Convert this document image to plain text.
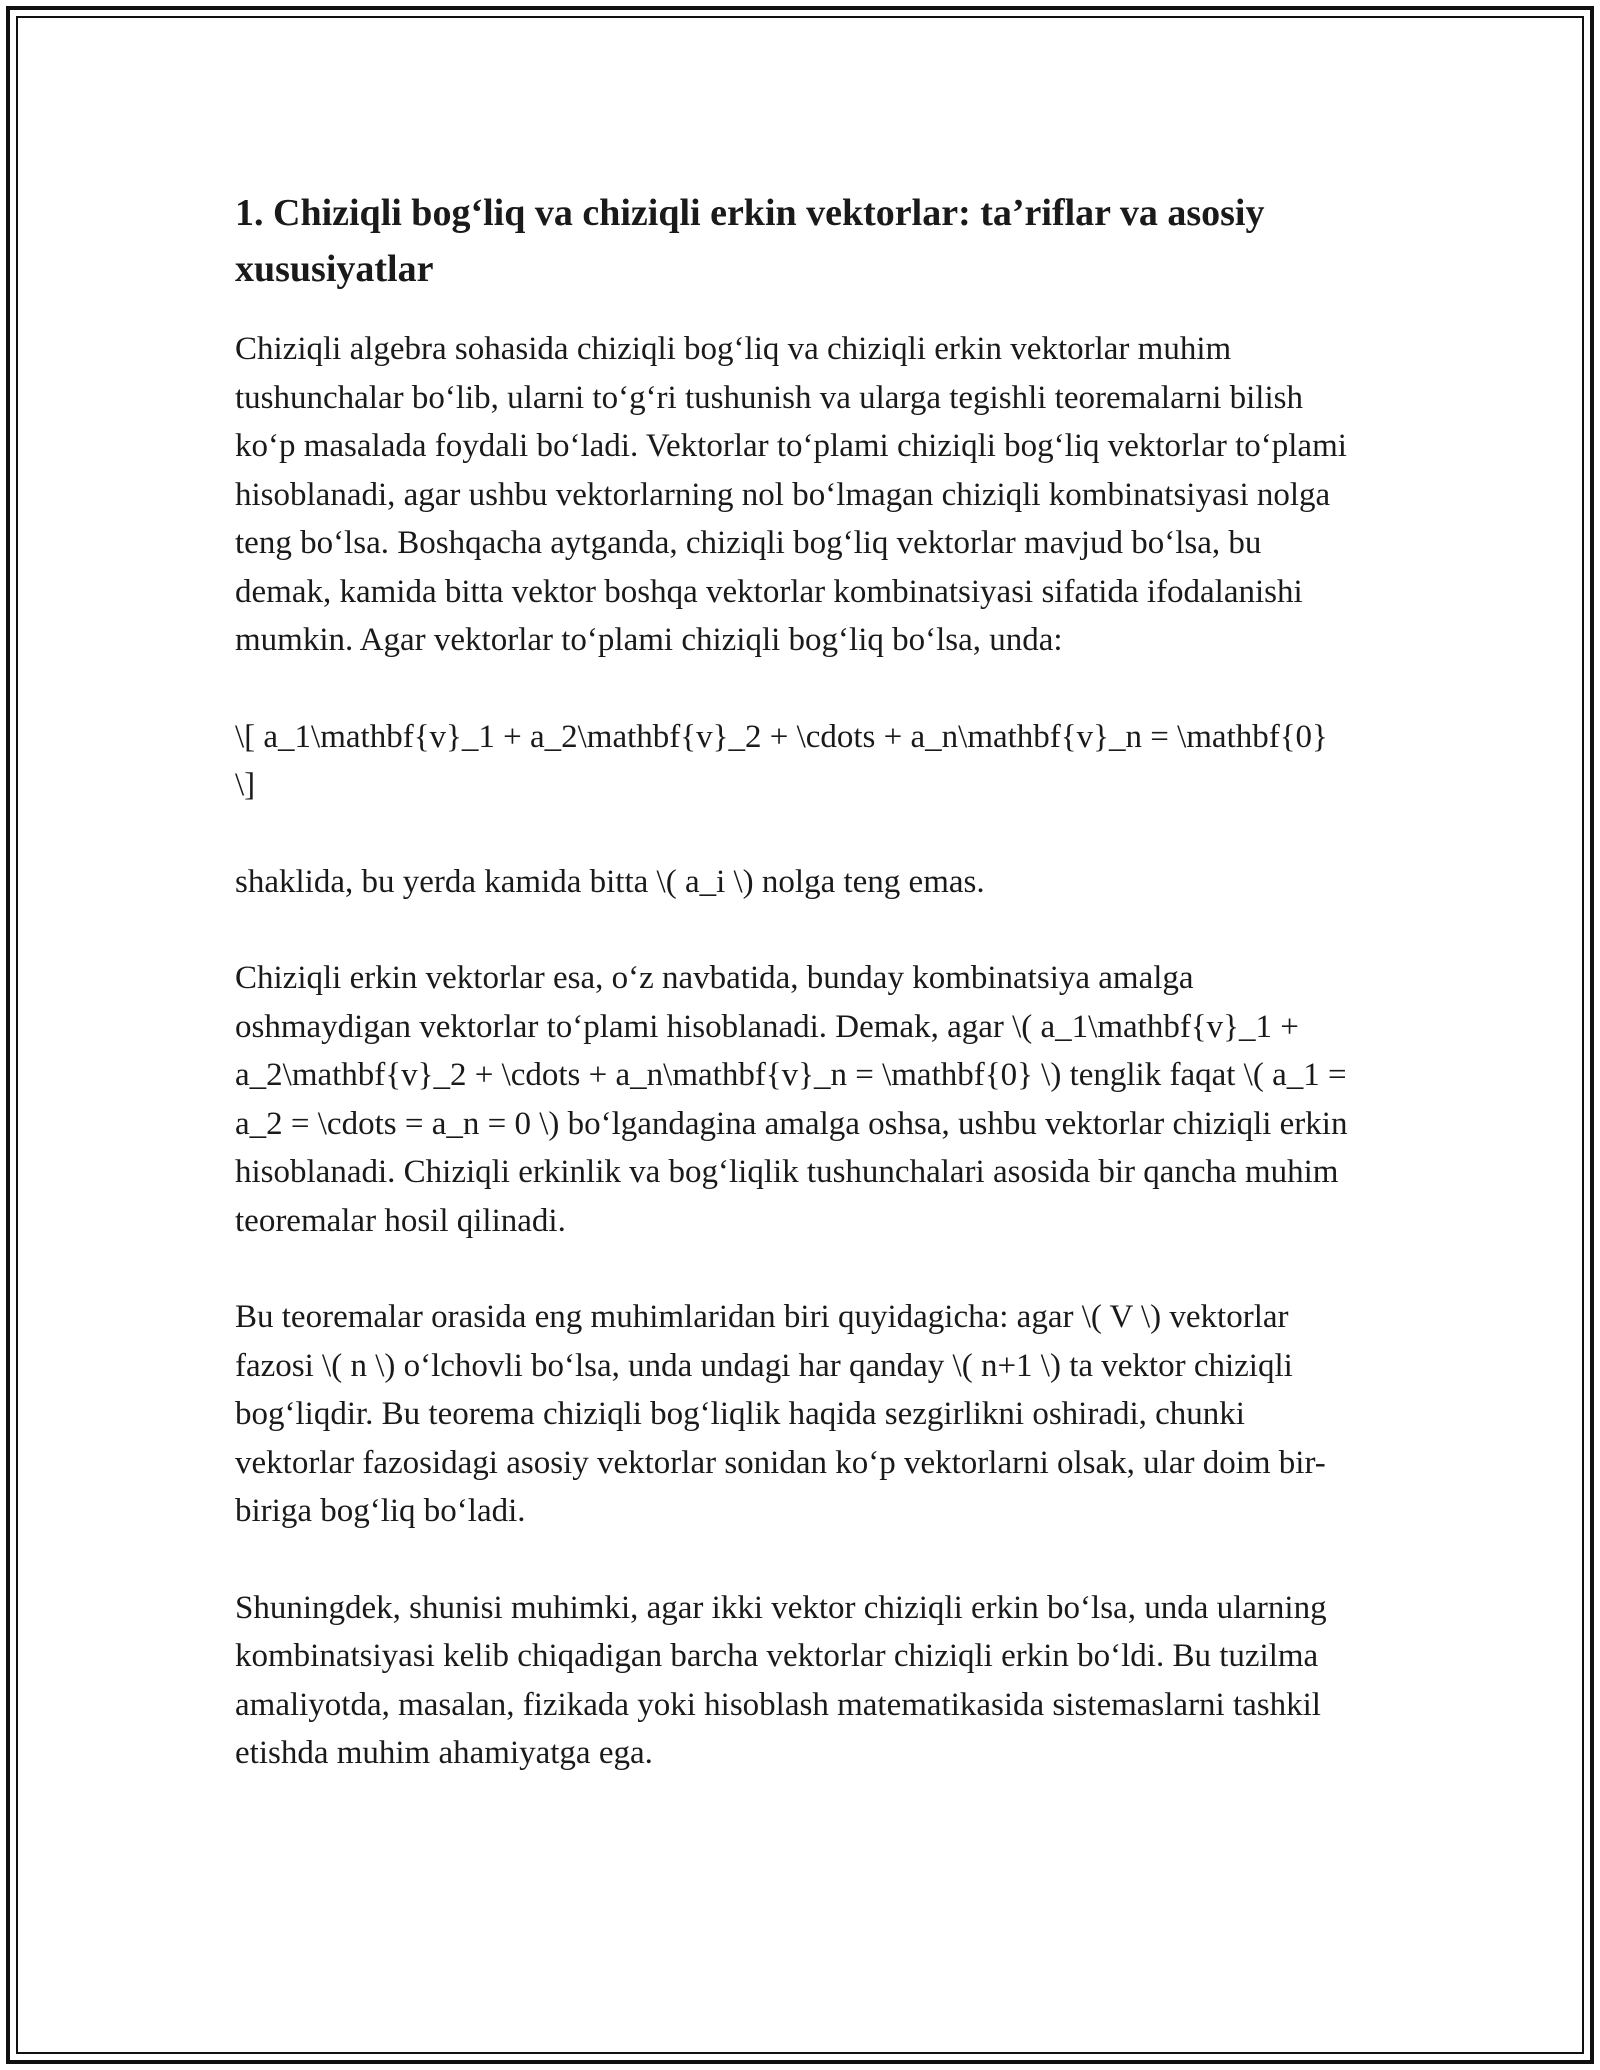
1. Chiziqli bog‘liq va chiziqli erkin vektorlar: ta’riflar va asosiy xususiyatlar

Chiziqli algebra sohasida chiziqli bog‘liq va chiziqli erkin vektorlar muhim tushunchalar bo‘lib, ularni to‘g‘ri tushunish va ularga tegishli teoremalarni bilish ko‘p masalada foydali bo‘ladi. Vektorlar to‘plami chiziqli bog‘liq vektorlar to‘plami hisoblanadi, agar ushbu vektorlarning nol bo‘lmagan chiziqli kombinatsiyasi nolga teng bo‘lsa. Boshqacha aytganda, chiziqli bog‘liq vektorlar mavjud bo‘lsa, bu demak, kamida bitta vektor boshqa vektorlar kombinatsiyasi sifatida ifodalanishi mumkin. Agar vektorlar to‘plami chiziqli bog‘liq bo‘lsa, unda:

\[ a_1\mathbf{v}_1 + a_2\mathbf{v}_2 + \cdots + a_n\mathbf{v}_n = \mathbf{0} \]

shaklida, bu yerda kamida bitta \( a_i \) nolga teng emas.

Chiziqli erkin vektorlar esa, o‘z navbatida, bunday kombinatsiya amalga oshmaydigan vektorlar to‘plami hisoblanadi. Demak, agar \( a_1\mathbf{v}_1 + a_2\mathbf{v}_2 + \cdots + a_n\mathbf{v}_n = \mathbf{0} \) tenglik faqat \( a_1 = a_2 = \cdots = a_n = 0 \) bo‘lgandagina amalga oshsa, ushbu vektorlar chiziqli erkin hisoblanadi. Chiziqli erkinlik va bog‘liqlik tushunchalari asosida bir qancha muhim teoremalar hosil qilinadi.

Bu teoremalar orasida eng muhimlaridan biri quyidagicha: agar \( V \) vektorlar fazosi \( n \) o‘lchovli bo‘lsa, unda undagi har qanday \( n+1 \) ta vektor chiziqli bog‘liqdir. Bu teorema chiziqli bog‘liqlik haqida sezgirlikni oshiradi, chunki vektorlar fazosidagi asosiy vektorlar sonidan ko‘p vektorlarni olsak, ular doim bir-biriga bog‘liq bo‘ladi.

Shuningdek, shunisi muhimki, agar ikki vektor chiziqli erkin bo‘lsa, unda ularning kombinatsiyasi kelib chiqadigan barcha vektorlar chiziqli erkin bo‘ldi. Bu tuzilma amaliyotda, masalan, fizikada yoki hisoblash matematikasida sistemaslarni tashkil etishda muhim ahamiyatga ega.
